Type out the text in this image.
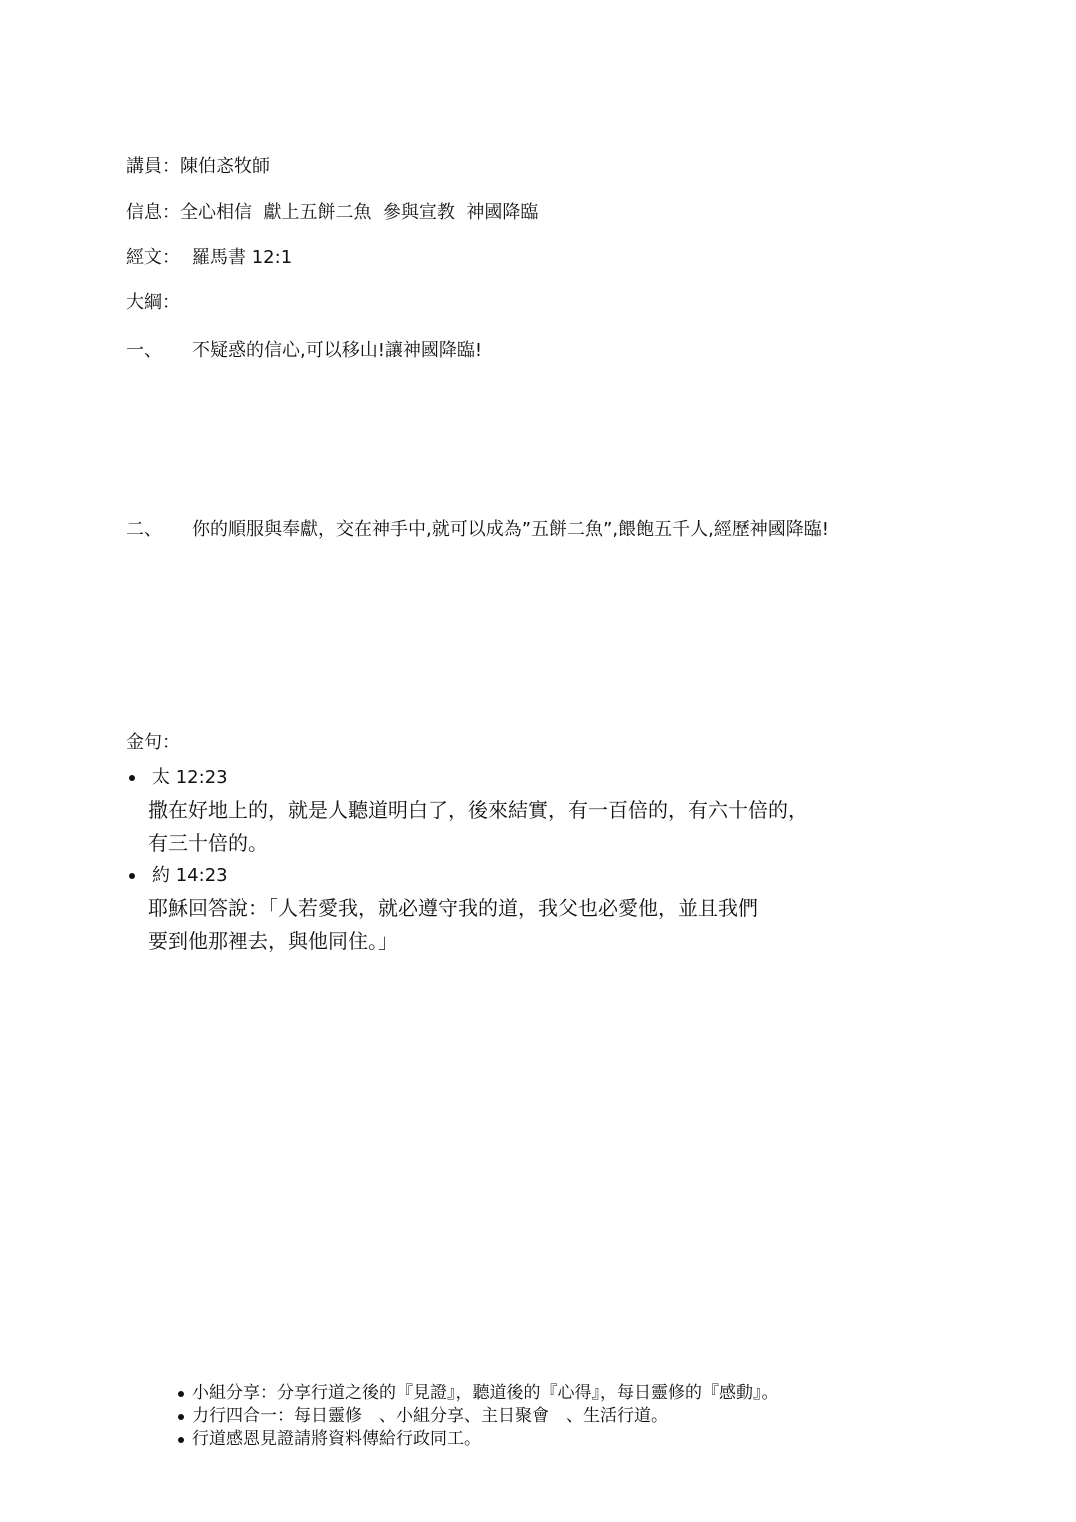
講員：陳伯忞牧師
信息：全心相信  獻上五餅二魚  參與宣教  神國降臨
經文： 羅馬書 12:1
大綱：
一、 不疑惑的信心,可以移山!讓神國降臨!
二、 你的順服與奉獻，交在神手中,就可以成為”五餅二魚”,餵飽五千人,經歷神國降臨!
金句：
太 12:23
撒在好地上的，就是人聽道明白了，後來結實，有一百倍的，有六十倍的，
有三十倍的。
約 14:23
耶穌回答說：「人若愛我，就必遵守我的道，我父也必愛他，並且我們
要到他那裡去，與他同住。」
小組分享：分享行道之後的『見證』，聽道後的『心得』，每日靈修的『感動』。
力行四合一：每日靈修　、小組分享、主日聚會　、生活行道。
行道感恩見證請將資料傳給行政同工。
